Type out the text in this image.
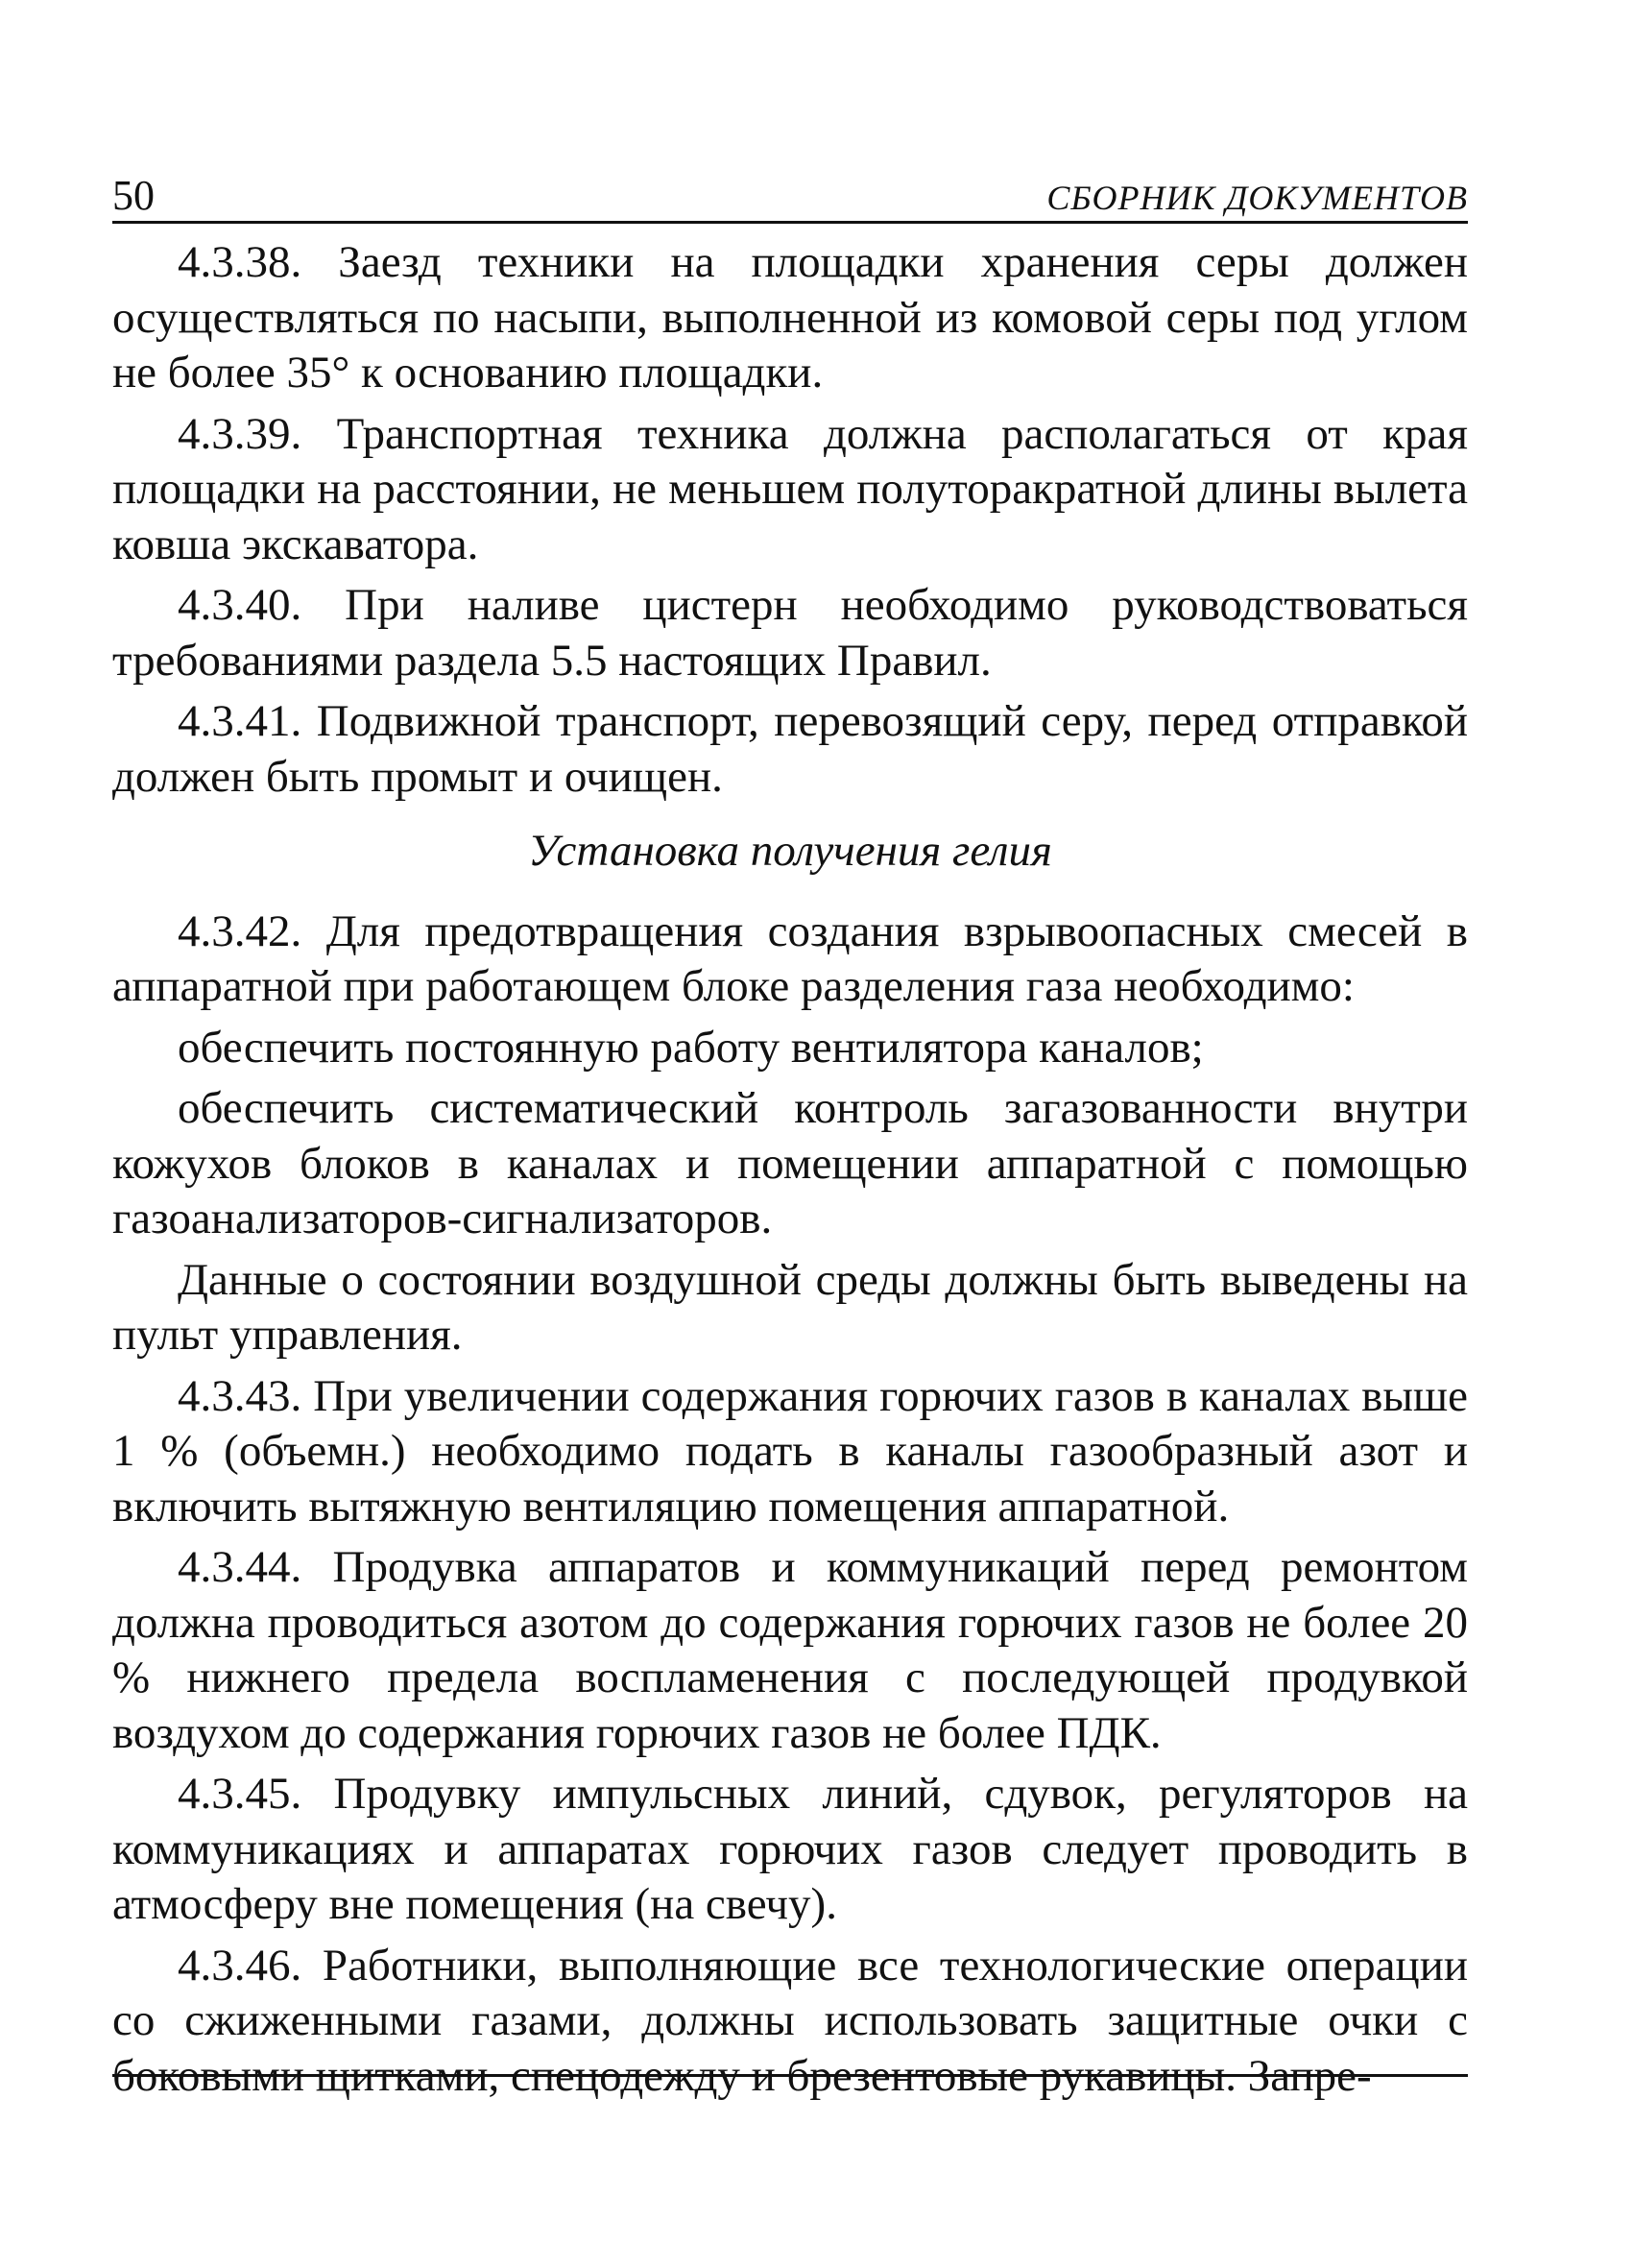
50	СБОРНИК ДОКУМЕНТОВ

4.3.38. Заезд техники на площадки хранения серы должен осуществляться по насыпи, выполненной из комовой серы под углом не более 35° к основанию площадки.

4.3.39. Транспортная техника должна располагаться от края площадки на расстоянии, не меньшем полуторакратной длины вылета ковша экскаватора.

4.3.40. При наливе цистерн необходимо руководствоваться требованиями раздела 5.5 настоящих Правил.

4.3.41. Подвижной транспорт, перевозящий серу, перед отправкой должен быть промыт и очищен.

Установка получения гелия

4.3.42. Для предотвращения создания взрывоопасных смесей в аппаратной при работающем блоке разделения газа необходимо:

обеспечить постоянную работу вентилятора каналов;

обеспечить систематический контроль загазованности внутри кожухов блоков в каналах и помещении аппаратной с помощью газоанализаторов-сигнализаторов.

Данные о состоянии воздушной среды должны быть выведены на пульт управления.

4.3.43. При увеличении содержания горючих газов в каналах выше 1 % (объемн.) необходимо подать в каналы газообразный азот и включить вытяжную вентиляцию помещения аппаратной.

4.3.44. Продувка аппаратов и коммуникаций перед ремонтом должна проводиться азотом до содержания горючих газов не более 20 % нижнего предела воспламенения с последующей продувкой воздухом до содержания горючих газов не более ПДК.

4.3.45. Продувку импульсных линий, сдувок, регуляторов на коммуникациях и аппаратах горючих газов следует проводить в атмосферу вне помещения (на свечу).

4.3.46. Работники, выполняющие все технологические операции со сжиженными газами, должны использовать защитные очки с боковыми щитками, спецодежду и брезентовые рукавицы. Запре-
